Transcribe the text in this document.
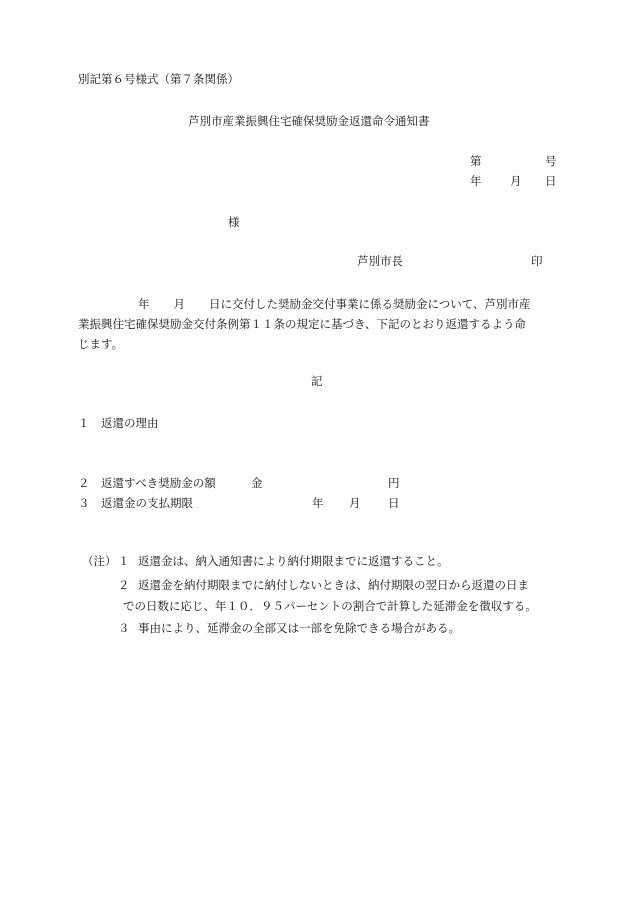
別記第６号様式（第７条関係）
芦別市産業振興住宅確保奨励金返還命令通知書
第	号
年 月 日
様
芦別市長	印
年 月 日に交付した奨励金交付事業に係る奨励金について、芦別市産
業振興住宅確保奨励金交付条例第１１条の規定に基づき、下記のとおり返還するよう命
じます。
記
１ 返還の理由
２ 返還すべき奨励金の額	金	円
３ 返還金の支払期限	年 月 日
（注） １ 返還金は、納入通知書により納付期限までに返還すること。
２ 返還金を納付期限までに納付しないときは、納付期限の翌日から返還の日ま
での日数に応じ、年１０．９５パーセントの割合で計算した延滞金を徴収する。
３ 事由により、延滞金の全部又は一部を免除できる場合がある。
